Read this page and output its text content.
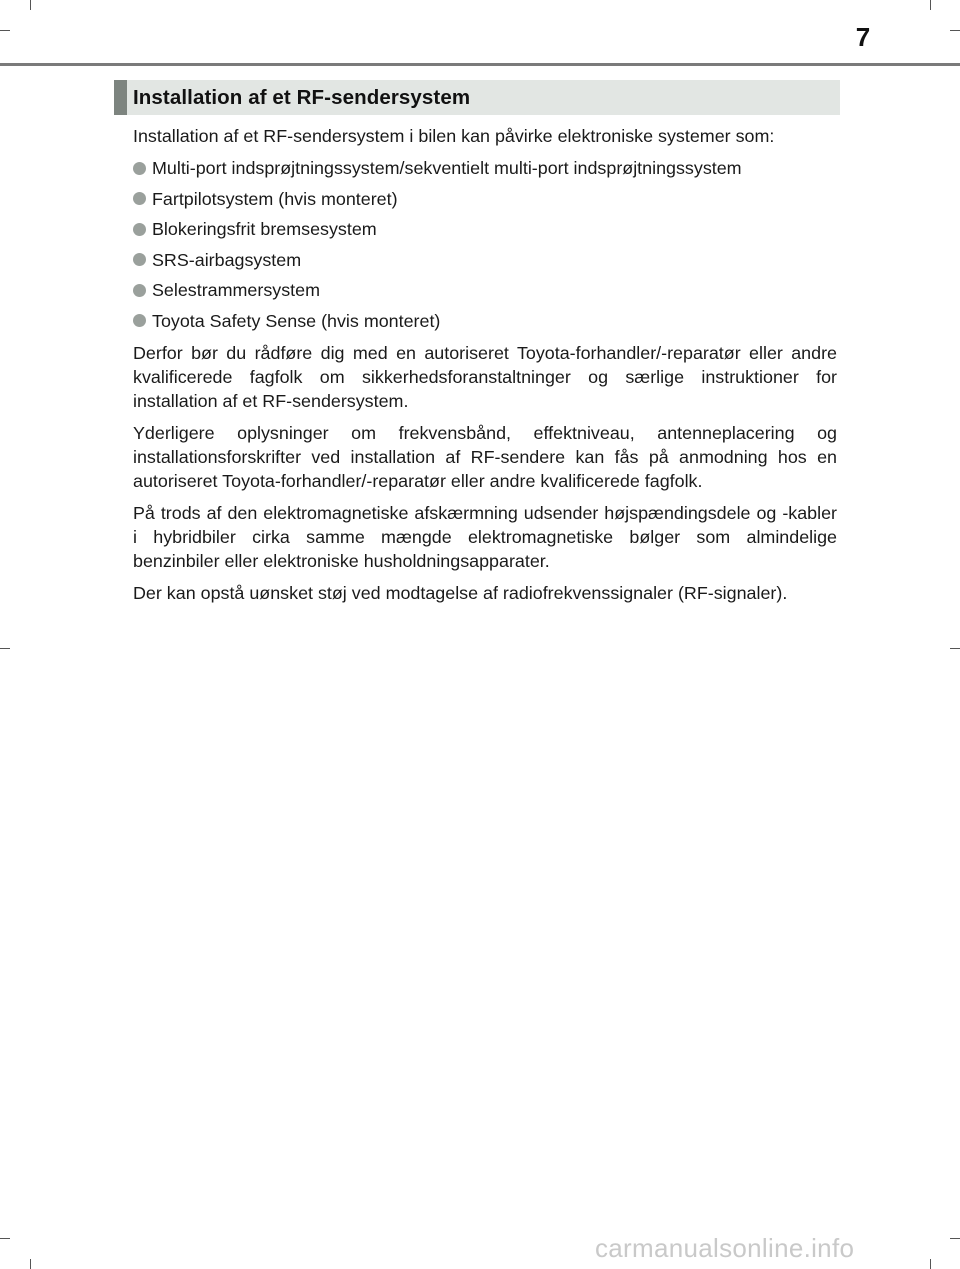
7
Installation af et RF-sendersystem

Installation af et RF-sendersystem i bilen kan påvirke elektroniske systemer som:

Multi-port indsprøjtningssystem/sekventielt multi-port indsprøjtningssystem
Fartpilotsystem (hvis monteret)
Blokeringsfrit bremsesystem
SRS-airbagsystem
Selestrammersystem
Toyota Safety Sense (hvis monteret)

Derfor bør du rådføre dig med en autoriseret Toyota-forhandler/-reparatør eller andre kvalificerede fagfolk om sikkerhedsforanstaltninger og særlige instruktioner for installation af et RF-sendersystem.

Yderligere oplysninger om frekvensbånd, effektniveau, antenneplacering og installationsforskrifter ved installation af RF-sendere kan fås på anmodning hos en autoriseret Toyota-forhandler/-reparatør eller andre kvalificerede fagfolk.

På trods af den elektromagnetiske afskærmning udsender højspændingsdele og -kabler i hybridbiler cirka samme mængde elektromagnetiske bølger som almindelige benzinbiler eller elektroniske husholdningsapparater.

Der kan opstå uønsket støj ved modtagelse af radiofrekvenssignaler (RF-signaler).

carmanualsonline.info
